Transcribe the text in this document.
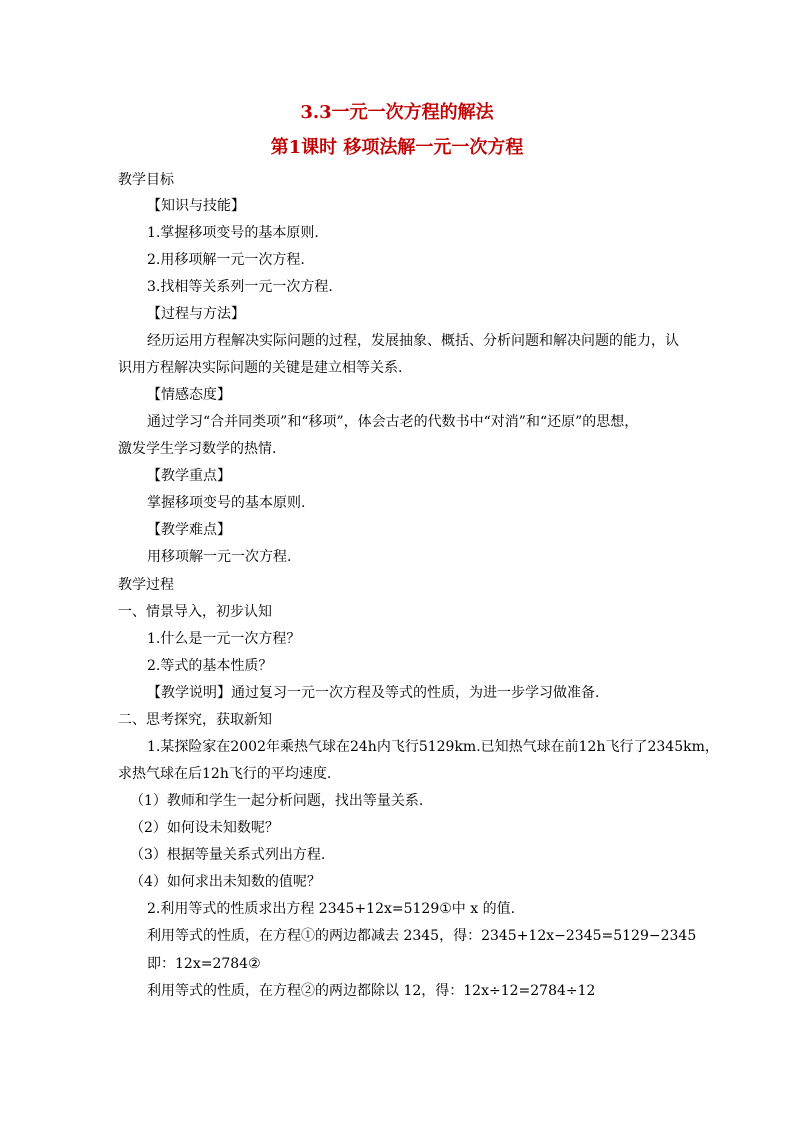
3.3一元一次方程的解法
第1课时 移项法解一元一次方程
教学目标
【知识与技能】
1.掌握移项变号的基本原则.
2.用移项解一元一次方程.
3.找相等关系列一元一次方程.
【过程与方法】
经历运用方程解决实际问题的过程，发展抽象、概括、分析问题和解决问题的能力，认
识用方程解决实际问题的关键是建立相等关系.
【情感态度】
通过学习“合并同类项”和“移项”，体会古老的代数书中“对消”和“还原”的思想，
激发学生学习数学的热情.
【教学重点】
掌握移项变号的基本原则.
【教学难点】
用移项解一元一次方程.
教学过程
一、情景导入，初步认知
1.什么是一元一次方程？
2.等式的基本性质？
【教学说明】通过复习一元一次方程及等式的性质，为进一步学习做准备.
二、思考探究，获取新知
1.某探险家在2002年乘热气球在24h内飞行5129km.已知热气球在前12h飞行了2345km，
求热气球在后12h飞行的平均速度.
（1）教师和学生一起分析问题，找出等量关系.
（2）如何设未知数呢？
（3）根据等量关系式列出方程.
（4）如何求出未知数的值呢？
2.利用等式的性质求出方程 2345+12x=5129①中 x 的值.
利用等式的性质，在方程①的两边都减去 2345，得：2345+12x−2345=5129−2345
即：12x=2784②
利用等式的性质，在方程②的两边都除以 12，得：12x÷12=2784÷12
